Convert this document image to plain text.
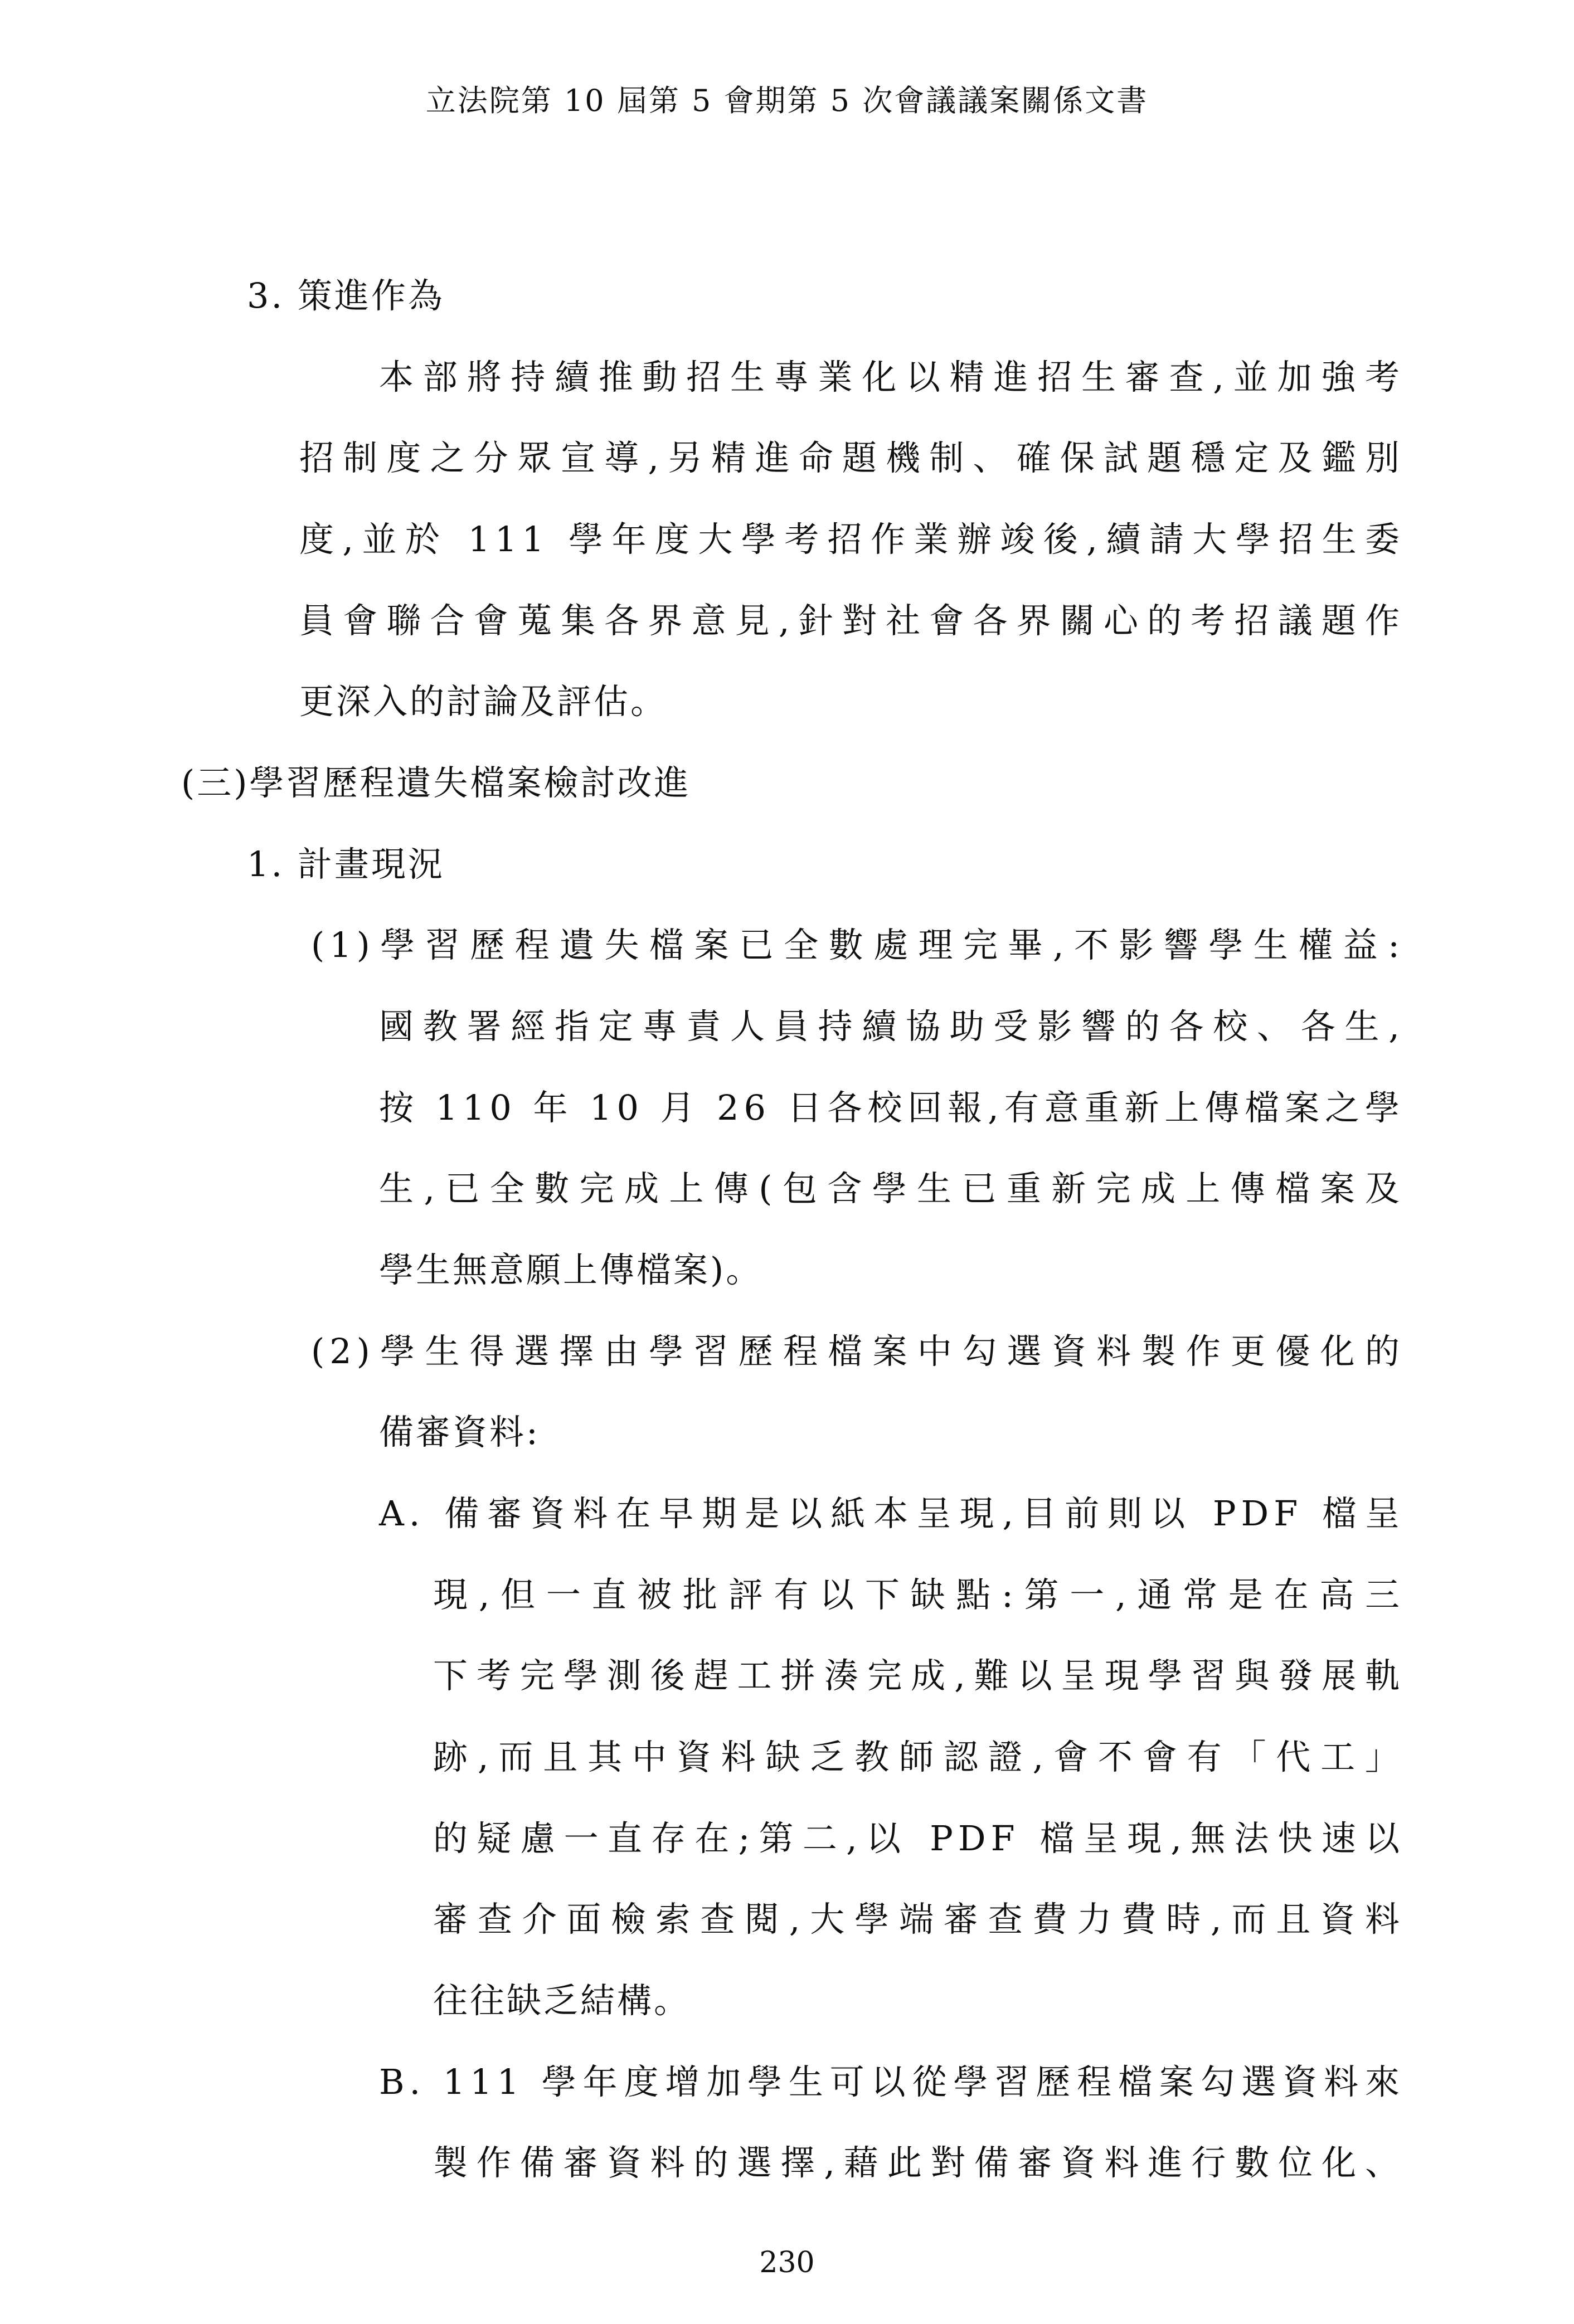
立法院第 10 屆第 5 會期第 5 次會議議案關係文書
3. 策進作為
本部將持續推動招生專業化以精進招生審查,並加強考
招制度之分眾宣導,另精進命題機制、確保試題穩定及鑑別
度,並於 111 學年度大學考招作業辦竣後,續請大學招生委
員會聯合會蒐集各界意見,針對社會各界關心的考招議題作
更深入的討論及評估。
(三)學習歷程遺失檔案檢討改進
1. 計畫現況
(1)學習歷程遺失檔案已全數處理完畢,不影響學生權益:
國教署經指定專責人員持續協助受影響的各校、各生,
按 110 年 10 月 26 日各校回報,有意重新上傳檔案之學
生,已全數完成上傳(包含學生已重新完成上傳檔案及
學生無意願上傳檔案)。
(2)學生得選擇由學習歷程檔案中勾選資料製作更優化的
備審資料:
A. 備審資料在早期是以紙本呈現,目前則以 PDF 檔呈
現,但一直被批評有以下缺點:第一,通常是在高三
下考完學測後趕工拼湊完成,難以呈現學習與發展軌
跡,而且其中資料缺乏教師認證,會不會有「代工」
的疑慮一直存在;第二,以 PDF 檔呈現,無法快速以
審查介面檢索查閱,大學端審查費力費時,而且資料
往往缺乏結構。
B. 111 學年度增加學生可以從學習歷程檔案勾選資料來
製作備審資料的選擇,藉此對備審資料進行數位化、
230
